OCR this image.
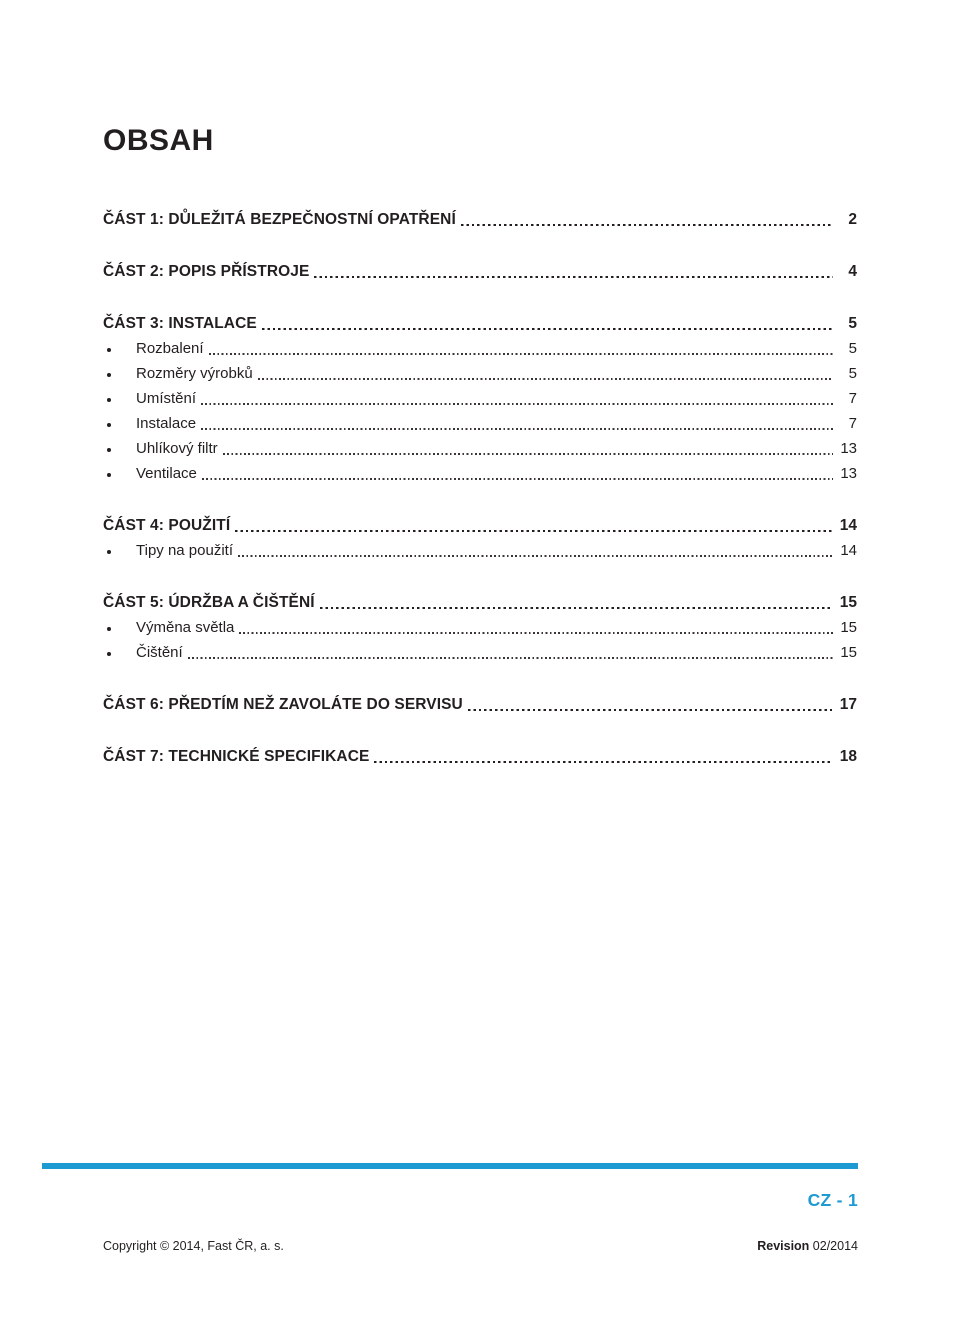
OBSAH
ČÁST 1: DŮLEŽITÁ BEZPEČNOSTNÍ OPATŘENÍ	2
ČÁST 2: POPIS PŘÍSTROJE	4
ČÁST 3: INSTALACE	5
Rozbalení	5
Rozměry výrobků	5
Umístění	7
Instalace	7
Uhlíkový filtr	13
Ventilace	13
ČÁST 4: POUŽITÍ	14
Tipy na použití	14
ČÁST 5: ÚDRŽBA A ČIŠTĚNÍ	15
Výměna světla	15
Čištění	15
ČÁST 6: PŘEDTÍM NEŽ ZAVOLÁTE DO SERVISU	17
ČÁST 7: TECHNICKÉ SPECIFIKACE	18
CZ - 1
Copyright © 2014, Fast ČR, a. s.	Revision 02/2014
